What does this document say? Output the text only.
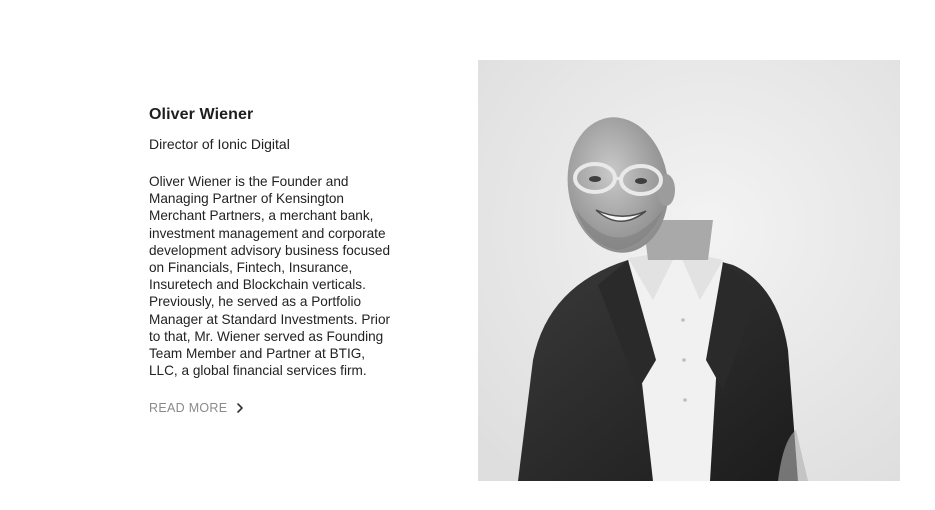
Oliver Wiener
Director of Ionic Digital

Oliver Wiener is the Founder and Managing Partner of Kensington Merchant Partners, a merchant bank, investment management and corporate development advisory business focused on Financials, Fintech, Insurance, Insuretech and Blockchain verticals. Previously, he served as a Portfolio Manager at Standard Investments. Prior to that, Mr. Wiener served as Founding Team Member and Partner at BTIG, LLC, a global financial services firm.

READ MORE
